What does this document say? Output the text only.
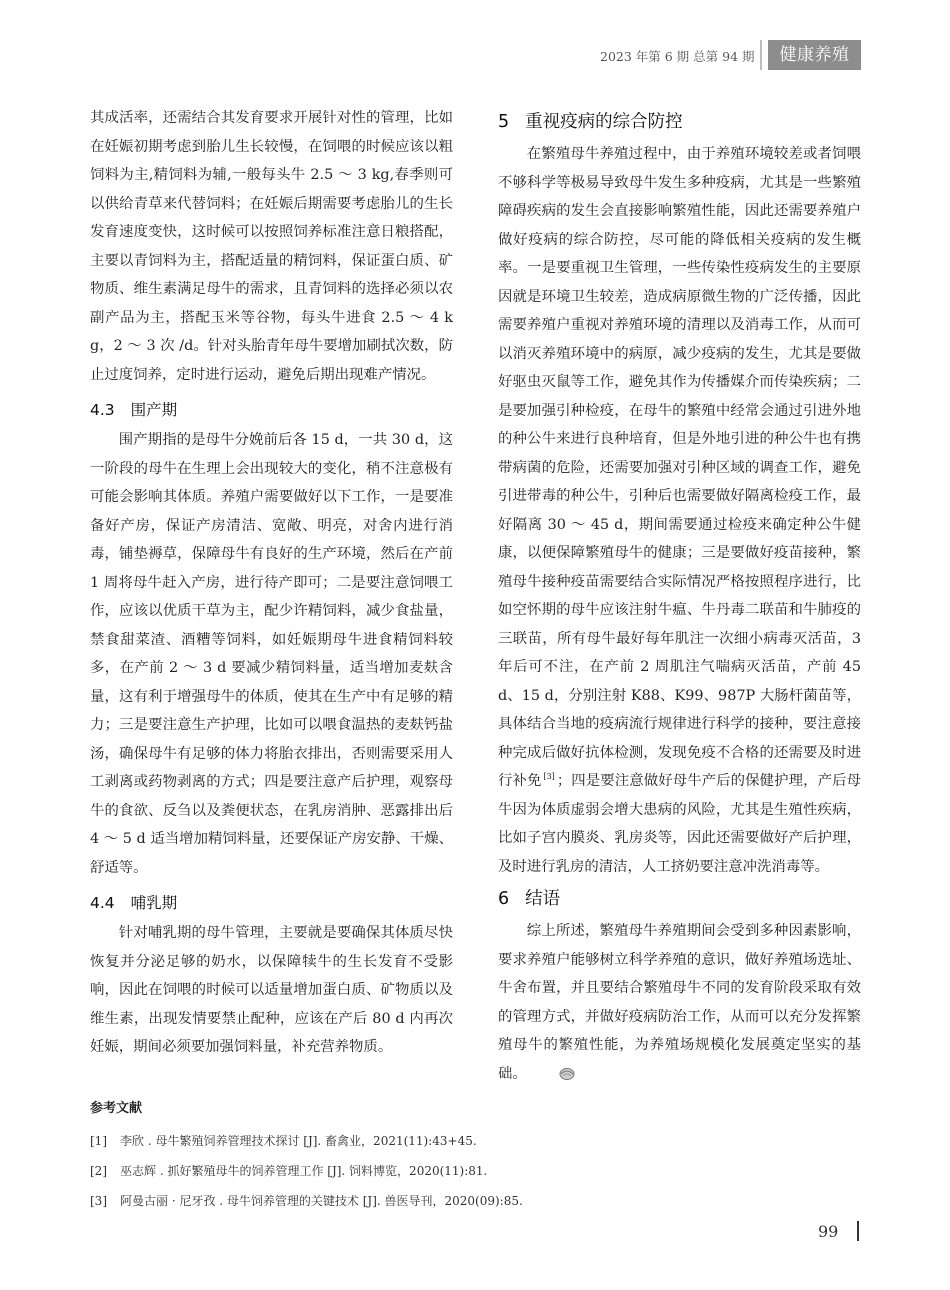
2023 年第 6 期 总第 94 期	健康养殖

其成活率，还需结合其发育要求开展针对性的管理，比如在妊娠初期考虑到胎儿生长较慢，在饲喂的时候应该以粗饲料为主,精饲料为辅,一般每头牛 2.5 ～ 3 kg,春季则可以供给青草来代替饲料；在妊娠后期需要考虑胎儿的生长发育速度变快，这时候可以按照饲养标准注意日粮搭配，主要以青饲料为主，搭配适量的精饲料，保证蛋白质、矿物质、维生素满足母牛的需求，且青饲料的选择必须以农副产品为主，搭配玉米等谷物，每头牛进食 2.5 ～ 4 kg，2 ～ 3 次 /d。针对头胎青年母牛要增加刷拭次数，防止过度饲养，定时进行运动，避免后期出现难产情况。

4.3 围产期

围产期指的是母牛分娩前后各 15 d，一共 30 d，这一阶段的母牛在生理上会出现较大的变化，稍不注意极有可能会影响其体质。养殖户需要做好以下工作，一是要准备好产房，保证产房清洁、宽敞、明亮，对舍内进行消毒，铺垫褥草，保障母牛有良好的生产环境，然后在产前 1 周将母牛赶入产房，进行待产即可；二是要注意饲喂工作，应该以优质干草为主，配少许精饲料，减少食盐量，禁食甜菜渣、酒糟等饲料，如妊娠期母牛进食精饲料较多，在产前 2 ～ 3 d 要减少精饲料量，适当增加麦麸含量，这有利于增强母牛的体质，使其在生产中有足够的精力；三是要注意生产护理，比如可以喂食温热的麦麸钙盐汤，确保母牛有足够的体力将胎衣排出，否则需要采用人工剥离或药物剥离的方式；四是要注意产后护理，观察母牛的食欲、反刍以及粪便状态，在乳房消肿、恶露排出后 4 ～ 5 d 适当增加精饲料量，还要保证产房安静、干燥、舒适等。

4.4 哺乳期

针对哺乳期的母牛管理，主要就是要确保其体质尽快恢复并分泌足够的奶水，以保障犊牛的生长发育不受影响，因此在饲喂的时候可以适量增加蛋白质、矿物质以及维生素，出现发情要禁止配种，应该在产后 80 d 内再次妊娠，期间必须要加强饲料量，补充营养物质。

5 重视疫病的综合防控

在繁殖母牛养殖过程中，由于养殖环境较差或者饲喂不够科学等极易导致母牛发生多种疫病，尤其是一些繁殖障碍疾病的发生会直接影响繁殖性能，因此还需要养殖户做好疫病的综合防控，尽可能的降低相关疫病的发生概率。一是要重视卫生管理，一些传染性疫病发生的主要原因就是环境卫生较差，造成病原微生物的广泛传播，因此需要养殖户重视对养殖环境的清理以及消毒工作，从而可以消灭养殖环境中的病原，减少疫病的发生，尤其是要做好驱虫灭鼠等工作，避免其作为传播媒介而传染疾病；二是要加强引种检疫，在母牛的繁殖中经常会通过引进外地的种公牛来进行良种培育，但是外地引进的种公牛也有携带病菌的危险，还需要加强对引种区域的调查工作，避免引进带毒的种公牛，引种后也需要做好隔离检疫工作，最好隔离 30 ～ 45 d，期间需要通过检疫来确定种公牛健康，以便保障繁殖母牛的健康；三是要做好疫苗接种，繁殖母牛接种疫苗需要结合实际情况严格按照程序进行，比如空怀期的母牛应该注射牛瘟、牛丹毒二联苗和牛肺疫的三联苗，所有母牛最好每年肌注一次细小病毒灭活苗，3 年后可不注，在产前 2 周肌注气喘病灭活苗，产前 45 d、15 d，分别注射 K88、K99、987P 大肠杆菌苗等，具体结合当地的疫病流行规律进行科学的接种，要注意接种完成后做好抗体检测，发现免疫不合格的还需要及时进行补免 [3] ；四是要注意做好母牛产后的保健护理，产后母牛因为体质虚弱会增大患病的风险，尤其是生殖性疾病，比如子宫内膜炎、乳房炎等，因此还需要做好产后护理，及时进行乳房的清洁，人工挤奶要注意冲洗消毒等。

6 结语

综上所述，繁殖母牛养殖期间会受到多种因素影响，要求养殖户能够树立科学养殖的意识，做好养殖场选址、牛舍布置，并且要结合繁殖母牛不同的发育阶段采取有效的管理方式，并做好疫病防治工作，从而可以充分发挥繁殖母牛的繁殖性能，为养殖场规模化发展奠定坚实的基础。

参考文献
[1]	李欣 . 母牛繁殖饲养管理技术探讨 [J]. 畜禽业，2021(11):43+45.
[2]	巫志辉 . 抓好繁殖母牛的饲养管理工作 [J]. 饲料博览，2020(11):81.
[3]	阿曼古丽 · 尼牙孜 . 母牛饲养管理的关键技术 [J]. 兽医导刊，2020(09):85.
99
